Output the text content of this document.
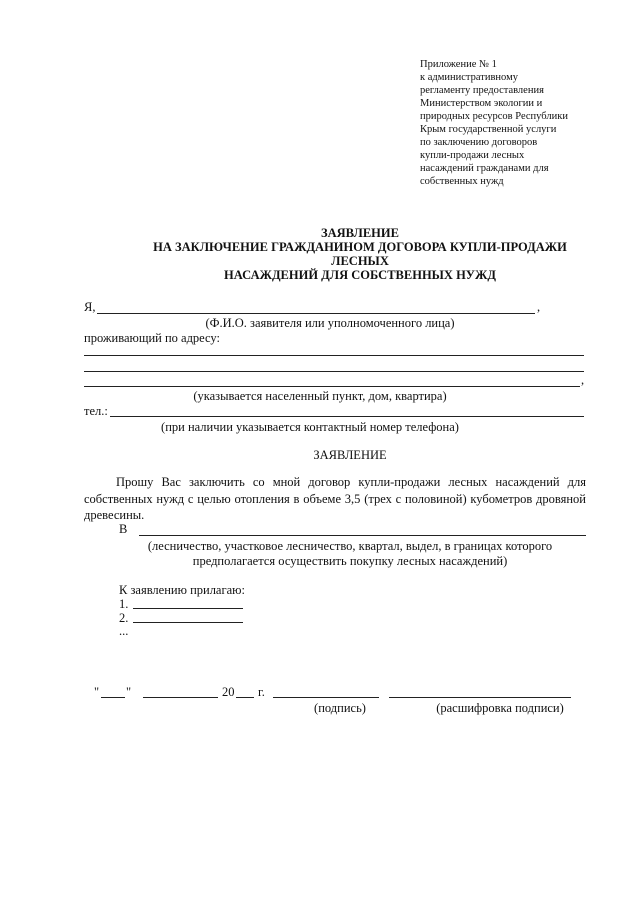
Приложение № 1
к административному
регламенту предоставления
Министерством экологии и
природных ресурсов Республики
Крым государственной услуги
по заключению договоров
купли-продажи лесных
насаждений гражданами для
собственных нужд
ЗАЯВЛЕНИЕ
НА ЗАКЛЮЧЕНИЕ ГРАЖДАНИНОМ ДОГОВОРА КУПЛИ-ПРОДАЖИ
ЛЕСНЫХ
НАСАЖДЕНИЙ ДЛЯ СОБСТВЕННЫХ НУЖД
Я,	,
(Ф.И.О. заявителя или уполномоченного лица)
проживающий по адресу:
,
(указывается населенный пункт, дом, квартира)
тел.:
(при наличии указывается контактный номер телефона)
ЗАЯВЛЕНИЕ
Прошу Вас заключить со мной договор купли-продажи лесных насаждений для собственных нужд с целью отопления в объеме 3,5 (трех с половиной) кубометров дровяной древесины.
В
(лесничество, участковое лесничество, квартал, выдел, в границах которого
предполагается осуществить покупку лесных насаждений)
К заявлению прилагаю:
1.
2.
...
" "	20 г.
(подпись)	(расшифровка подписи)
